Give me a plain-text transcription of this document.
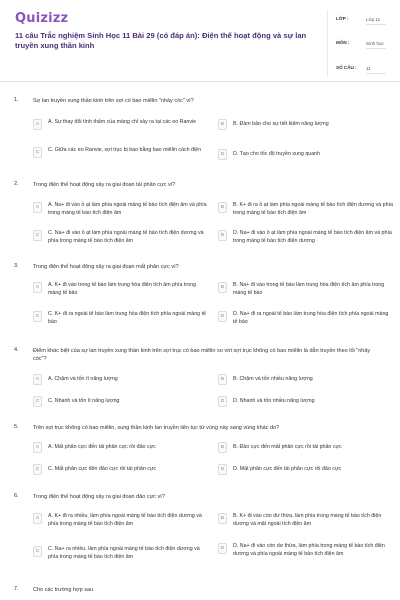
Quizizz
11 câu Trắc nghiệm Sinh Học 11 Bài 29 (có đáp án): Điện thế hoạt động và sự lan truyền xung thần kinh
LỚP :	Lớp 11
MÔN :	Sinh học
SỐ CÂU : 11
1.	Sự lan truyền xung thần kinh trên sợi có bao miêlin "nhảy cóc" vì?
A	A. Sự thay đổi tính thấm của màng chỉ xảy ra tại các eo Ranvie	B	B. Đảm bảo cho sự tiết kiệm năng lượng
C	C. Giữa các eo Ranvie, sợi trục bị bao bằng bao miêlin cách điện
D	D. Tạo cho tốc độ truyền xung quanh
2.	Trong điện thế hoạt động xảy ra giai đoạn tái phân cực vì?
A	A. Na+ đi vào ồ ạt làm phía ngoài màng tế bào tích điện âm và phía trong màng tế bào tích điện âm
B	B. K+ đi ra ồ ạt làm phía ngoài màng tế bào tích điện dương và phía trong màng tế bào tích điện âm
C	C. Na+ đi vào ồ ạt làm phía ngoài màng tế bào tích điện dương và phía trong màng tế bào tích điện âm
D	D. Na+ đi vào ồ ạt làm phía ngoài màng tế bào tích điện âm và phía trong màng tế bào tích điện dương
3.	Trong điện thế hoạt động xảy ra giai đoạn mất phân cực vì?
A	A. K+ đi vào trong tế bào làm trung hòa điện tích âm phía trong màng tế bào
B	B. Na+ đi vào trong tế bào làm trung hòa điện tích âm phía trong màng tế bào
C	C. K+ đi ra ngoài tế bào làm trung hòa điện tích phía ngoài màng tế bào
D	D. Na+ đi ra ngoài tế bào làm trung hòa điện tích phía ngoài màng tế bào
4.	Điểm khác biệt của sự lan truyền xung thần kinh trên sợi trục có bao miêlin so với sợi trục không có bao miêlin là dẫn truyền theo lối "nhảy cóc"?
A	A. Chậm và tốn ít năng lượng	B	B. Chậm và tốn nhiều năng lượng
C	C. Nhanh và tốn ít năng lượng	D	D. Nhanh và tốn nhiều năng lượng
5.	Trên sợi trục không có bao miêlin, xung thần kinh lan truyền liên tục từ vùng này sang vùng khác do?
A	A. Mất phân cực đến tái phân cực rồi đảo cực	B	B. Đảo cực đến mất phân cực rồi tái phân cực
C	C. Mất phân cực đến đảo cực rồi tái phân cực	D	D. Mất phân cực đến tái phân cực rồi đảo cực
6.	Trong điện thế hoạt động xảy ra giai đoạn đảo cực vì?
A	A. K+ đi ra nhiều, làm phía ngoài màng tế bào tích điện dương và phía trong màng tế bào tích điện âm
B	B. K+ đi vào còn dư thừa, làm phía trong màng tế bào tích điện dương và mặt ngoài tích điện âm
C	C. Na+ ra nhiều, làm phía ngoài màng tế bào tích điện dương và phía trong màng tế bào tích điện âm
D	D. Na+ đi vào còn dư thừa, làm phía trong màng tế bào tích điện dương và phía ngoài màng tế bào tích điện âm
7.	Cho các trường hợp sau
